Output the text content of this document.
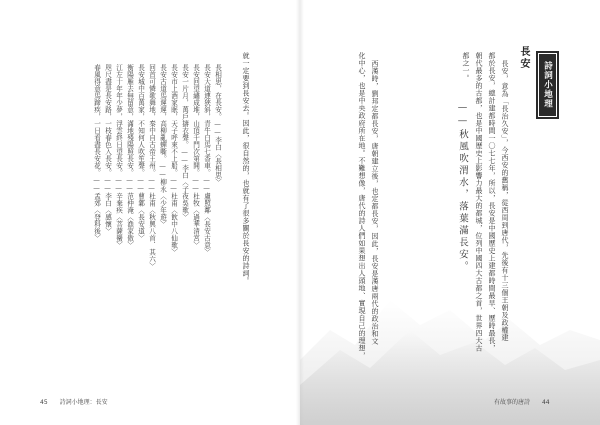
詩詞小地理
長安
——秋風吹渭水，落葉滿長安。	長安，意為「長治久安」，今西安的舊稱，從西周到唐代，先後有十三個王朝及政權建
都於長安，總計建都時間一〇七七年，所以，長安是中國歷史上建都時間最早、歷時最長，
朝代最多的古都，也是中國歷史上影響力最大的都城，位列中國四大古都之首，世界四大古
都之一。
西漢時，劉邦定都長安，唐朝建立後，也定都長安，因此，長安是漢唐兩代的政治和文
化中心，也是中央政府所在地。不難想像，唐代的詩人們如果想出人頭地、實現自己的理想，
就一定要到長安去。因此，很自然的，也就有了很多關於長安的詩詞。
長相思，在長安。——李白〈長相思〉
長安大道連狹斜，青牛白馬七香車。——盧照鄰〈長安古意〉
長安回望繡成堆，山頂千門次第開。——杜牧〈過華清宮〉
長安一片月，萬戶擣衣聲。——李白〈子夜吳歌〉
長安市上酒家眠，天子呼來不上船。——杜甫〈飲中八仙歌〉
長安古道馬遲遲，高柳亂蟬嘶。——柳永〈少年遊〉
回首可憐歌舞地，秦中自古帝王州。——杜甫〈秋興八首．其六〉
長安城中百萬家，不知何人吹笙聲。——曹鄴〈長安道〉
衡陽雁去無留意，滿地殘陽照長安。——范仲淹〈漁家傲〉
江左十年年少夢，浮雲終日望長安。——辛棄疾〈菩薩蠻〉
咫尺盡是長安路，一枝春色入長安。——李白〈感懷〉
春風得意馬蹄疾，一日看盡長安花。——孟郊〈登科後〉
45 詩詞小地理：長安	有故事的唐詩 44
